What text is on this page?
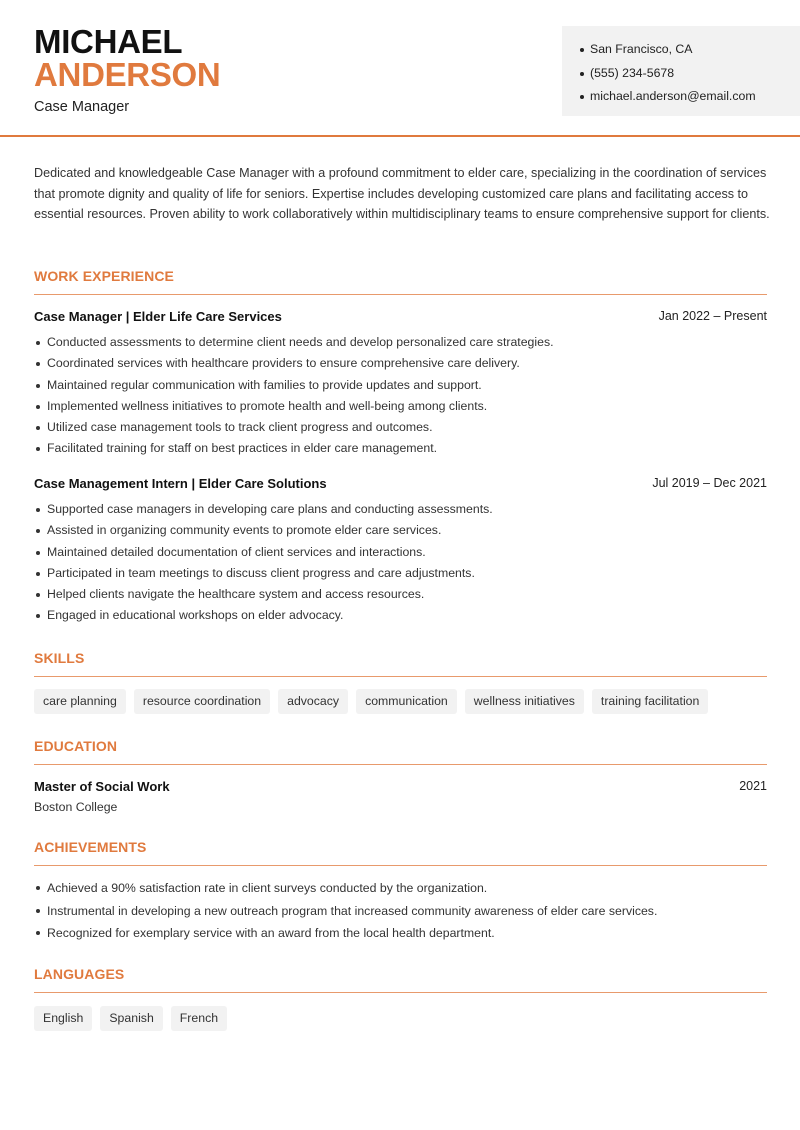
MICHAEL
ANDERSON
Case Manager
San Francisco, CA
(555) 234-5678
michael.anderson@email.com

Dedicated and knowledgeable Case Manager with a profound commitment to elder care, specializing in the coordination of services that promote dignity and quality of life for seniors. Expertise includes developing customized care plans and facilitating access to essential resources. Proven ability to work collaboratively within multidisciplinary teams to ensure comprehensive support for clients.

WORK EXPERIENCE
Case Manager | Elder Life Care Services	Jan 2022 – Present
Conducted assessments to determine client needs and develop personalized care strategies.
Coordinated services with healthcare providers to ensure comprehensive care delivery.
Maintained regular communication with families to provide updates and support.
Implemented wellness initiatives to promote health and well-being among clients.
Utilized case management tools to track client progress and outcomes.
Facilitated training for staff on best practices in elder care management.
Case Management Intern | Elder Care Solutions	Jul 2019 – Dec 2021
Supported case managers in developing care plans and conducting assessments.
Assisted in organizing community events to promote elder care services.
Maintained detailed documentation of client services and interactions.
Participated in team meetings to discuss client progress and care adjustments.
Helped clients navigate the healthcare system and access resources.
Engaged in educational workshops on elder advocacy.
SKILLS
care planning	resource coordination	advocacy	communication	wellness initiatives	training facilitation
EDUCATION
Master of Social Work	2021
Boston College
ACHIEVEMENTS
Achieved a 90% satisfaction rate in client surveys conducted by the organization.
Instrumental in developing a new outreach program that increased community awareness of elder care services.
Recognized for exemplary service with an award from the local health department.
LANGUAGES
English	Spanish	French
